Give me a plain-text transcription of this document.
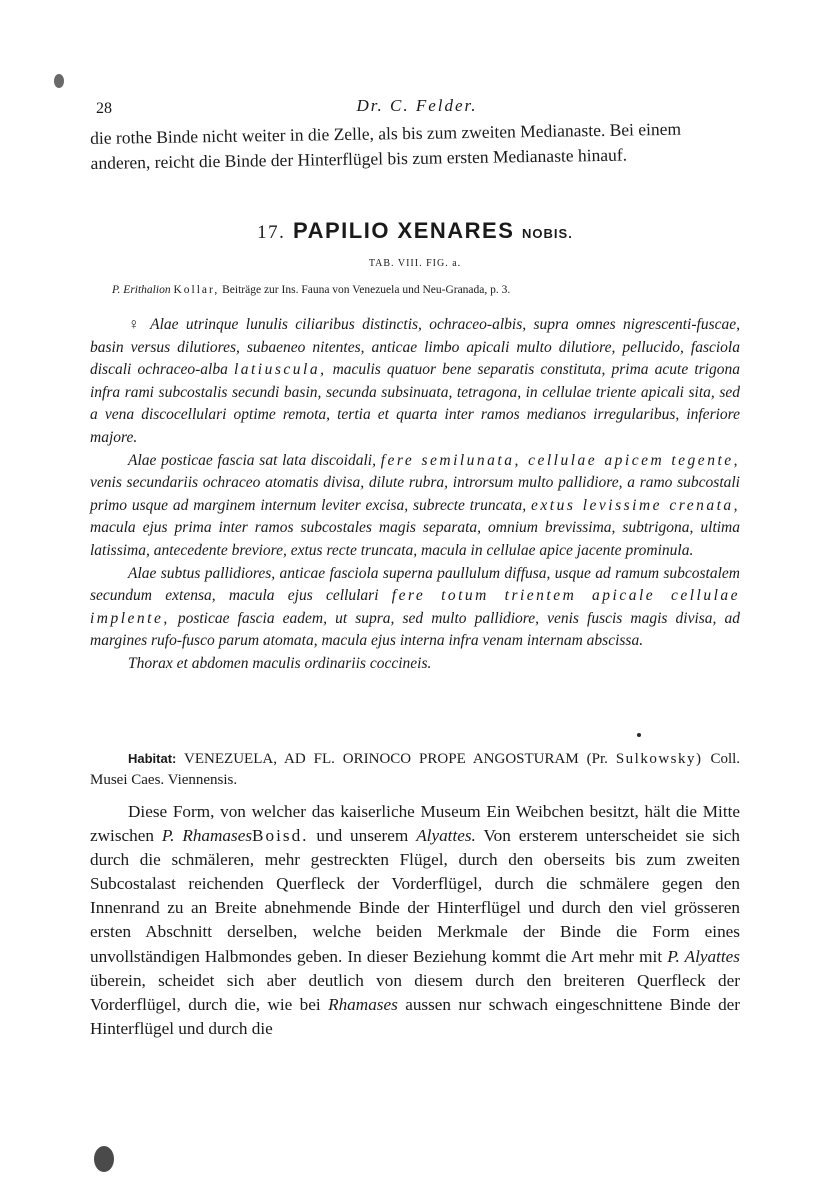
28	Dr. C. Felder.
die rothe Binde nicht weiter in die Zelle, als bis zum zweiten Medianaste. Bei einem anderen, reicht die Binde der Hinterflügel bis zum ersten Medianaste hinauf.
17. PAPILIO XENARES NOBIS.
TAB. VIII. FIG. a.
P. Erithalion Kollar, Beiträge zur Ins. Fauna von Venezuela und Neu-Granada, p. 3.

♀ Alae utrinque lunulis ciliaribus distinctis, ochraceo-albis, supra omnes nigrescenti-fuscae, basin versus dilutiores, subaeneo nitentes, anticae limbo apicali multo dilutiore, pellucido, fasciola discali ochraceo-alba latiuscula, maculis quatuor bene separatis constituta, prima acute trigona infra rami subcostalis secundi basin, secunda subsinuata, tetragona, in cellulae triente apicali sita, sed a vena discocellulari optime remota, tertia et quarta inter ramos medianos irregularibus, inferiore majore.

Alae posticae fascia sat lata discoidali, fere semilunata, cellulae apicem tegente, venis secundariis ochraceo atomatis divisa, dilute rubra, introrsum multo pallidiore, a ramo subcostali primo usque ad marginem internum leviter excisa, subrecte truncata, extus levissime crenata, macula ejus prima inter ramos subcostales magis separata, omnium brevissima, subtrigona, ultima latissima, antecedente breviore, extus recte truncata, macula in cellulae apice jacente prominula.

Alae subtus pallidiores, anticae fasciola superna paullulum diffusa, usque ad ramum subcostalem secundum extensa, macula ejus cellulari fere totum trientem apicale cellulae implente, posticae fascia eadem, ut supra, sed multo pallidiore, venis fuscis magis divisa, ad margines rufo-fusco parum atomata, macula ejus interna infra venam internam abscissa.

Thorax et abdomen maculis ordinariis coccineis.

Habitat: VENEZUELA, AD FL. ORINOCO PROPE ANGOSTURAM (Pr. Sulkowsky) Coll. Musei Caes. Viennensis.
Diese Form, von welcher das kaiserliche Museum Ein Weibchen besitzt, hält die Mitte zwischen P. RhamasesBoisd. und unserem Alyattes. Von ersterem unterscheidet sie sich durch die schmäleren, mehr gestreckten Flügel, durch den oberseits bis zum zweiten Subcostalast reichenden Querfleck der Vorderflügel, durch die schmälere gegen den Innenrand zu an Breite abnehmende Binde der Hinterflügel und durch den viel grösseren ersten Abschnitt derselben, welche beiden Merkmale der Binde die Form eines unvollständigen Halbmondes geben. In dieser Beziehung kommt die Art mehr mit P. Alyattes überein, scheidet sich aber deutlich von diesem durch den breiteren Querfleck der Vorderflügel, durch die, wie bei Rhamases aussen nur schwach eingeschnittene Binde der Hinterflügel und durch die
